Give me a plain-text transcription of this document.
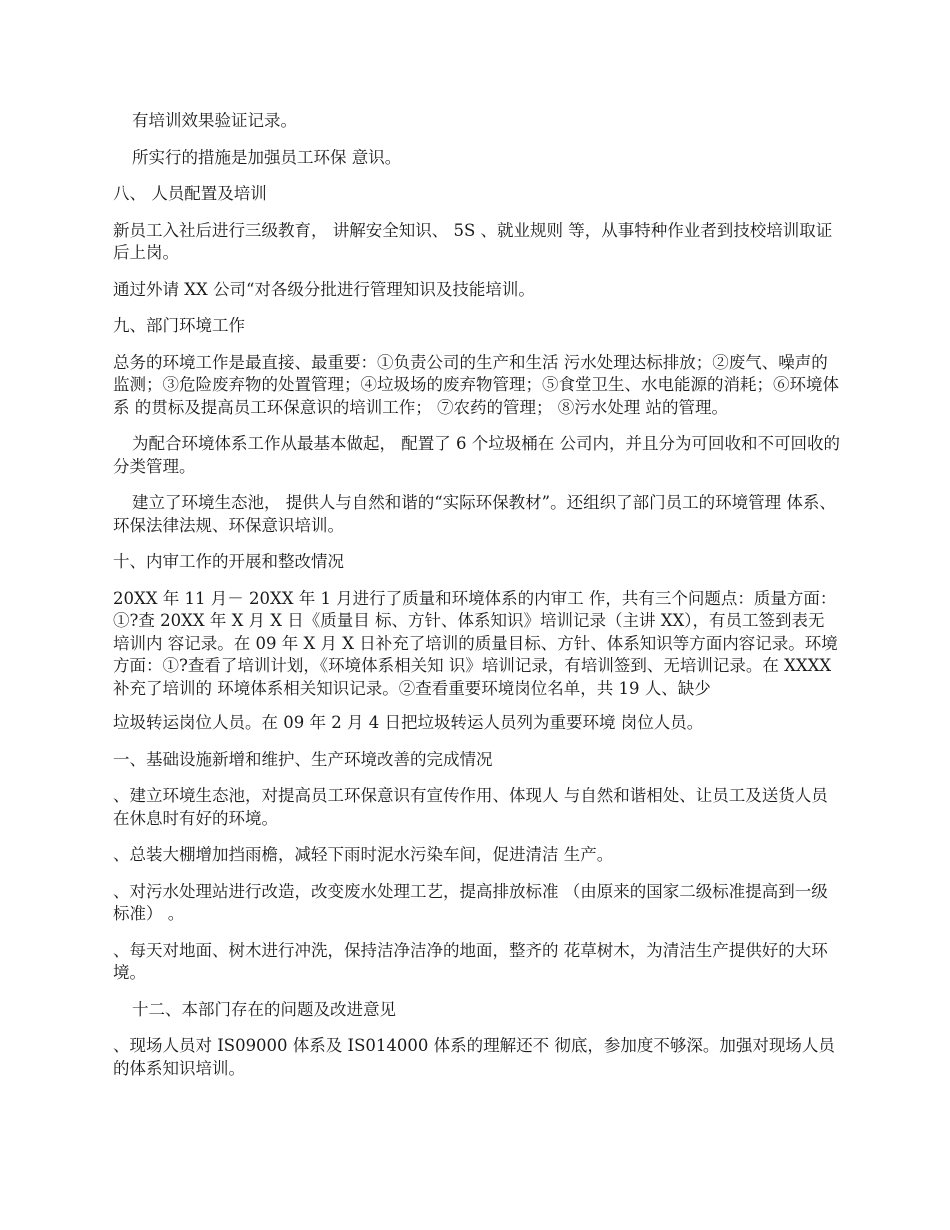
有培训效果验证记录。

所实行的措施是加强员工环保 意识。

八、 人员配置及培训

新员工入社后进行三级教育， 讲解安全知识、 5S 、就业规则 等，从事特种作业者到技校培训取证后上岗。

通过外请 XX 公司“对各级分批进行管理知识及技能培训。

九、部门环境工作

总务的环境工作是最直接、最重要：①负责公司的生产和生活 污水处理达标排放；②废气、噪声的监测；③危险废弃物的处置管理；④垃圾场的废弃物管理；⑤食堂卫生、水电能源的消耗；⑥环境体系 的贯标及提高员工环保意识的培训工作； ⑦农药的管理； ⑧污水处理 站的管理。

为配合环境体系工作从最基本做起， 配置了 6 个垃圾桶在 公司内，并且分为可回收和不可回收的分类管理。

建立了环境生态池， 提供人与自然和谐的“实际环保教材”。还组织了部门员工的环境管理 体系、环保法律法规、环保意识培训。

十、内审工作的开展和整改情况

20XX 年 11 月－ 20XX 年 1 月进行了质量和环境体系的内审工 作，共有三个问题点：质量方面：①?查 20XX 年 X 月 X 日《质量目 标、方针、体系知识》培训记录（主讲 XX），有员工签到表无培训内 容记录。在 09 年 X 月 X 日补充了培训的质量目标、方针、体系知识等方面内容记录。环境方面：①?查看了培训计划，《环境体系相关知 识》培训记录，有培训签到、无培训记录。在 XXXX 补充了培训的 环境体系相关知识记录。②查看重要环境岗位名单，共 19 人、缺少

垃圾转运岗位人员。在 09 年 2 月 4 日把垃圾转运人员列为重要环境 岗位人员。

一、基础设施新增和维护、生产环境改善的完成情况

、建立环境生态池，对提高员工环保意识有宣传作用、体现人 与自然和谐相处、让员工及送货人员在休息时有好的环境。

、总装大棚增加挡雨檐，减轻下雨时泥水污染车间，促进清洁 生产。

、对污水处理站进行改造，改变废水处理工艺，提高排放标准 （由原来的国家二级标准提高到一级标准） 。

、每天对地面、树木进行冲洗，保持洁净洁净的地面，整齐的 花草树木，为清洁生产提供好的大环境。

十二、本部门存在的问题及改进意见

、现场人员对 IS09000 体系及 IS014000 体系的理解还不 彻底，参加度不够深。加强对现场人员的体系知识培训。
